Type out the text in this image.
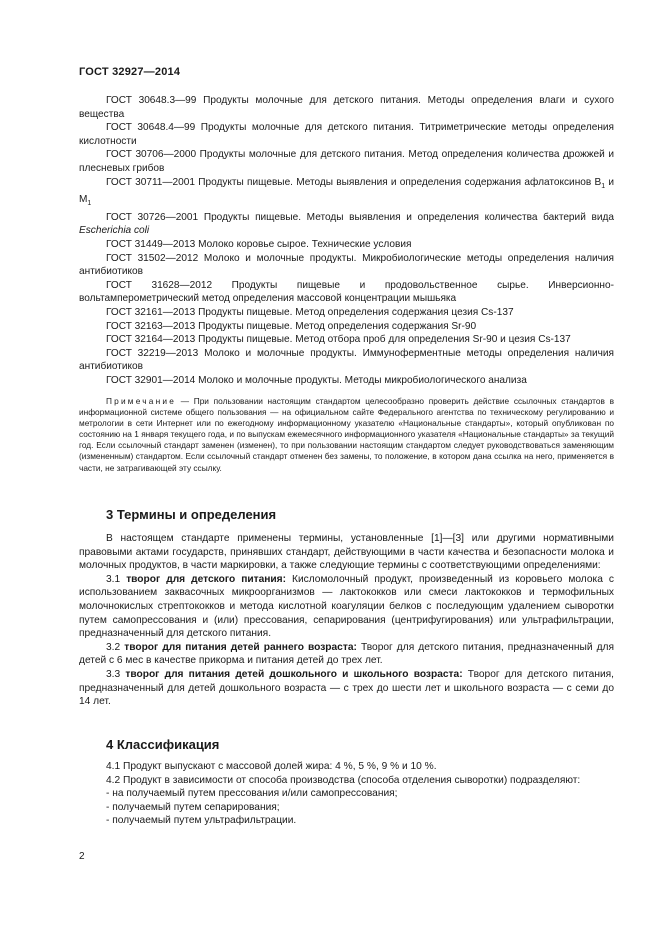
ГОСТ 32927—2014

ГОСТ 30648.3—99 Продукты молочные для детского питания. Методы определения влаги и сухого вещества

ГОСТ 30648.4—99 Продукты молочные для детского питания. Титриметрические методы определения кислотности

ГОСТ 30706—2000 Продукты молочные для детского питания. Метод определения количества дрожжей и плесневых грибов

ГОСТ 30711—2001 Продукты пищевые. Методы выявления и определения содержания афлатоксинов $B_1$ и $M_1$

ГОСТ 30726—2001 Продукты пищевые. Методы выявления и определения количества бактерий вида Escherichia coli

ГОСТ 31449—2013 Молоко коровье сырое. Технические условия

ГОСТ 31502—2012 Молоко и молочные продукты. Микробиологические методы определения наличия антибиотиков

ГОСТ 31628—2012 Продукты пищевые и продовольственное сырье. Инверсионно-вольтамперометрический метод определения массовой концентрации мышьяка

ГОСТ 32161—2013 Продукты пищевые. Метод определения содержания цезия Cs-137

ГОСТ 32163—2013 Продукты пищевые. Метод определения содержания Sr-90

ГОСТ 32164—2013 Продукты пищевые. Метод отбора проб для определения Sr-90 и цезия Cs-137

ГОСТ 32219—2013 Молоко и молочные продукты. Иммуноферментные методы определения наличия антибиотиков

ГОСТ 32901—2014 Молоко и молочные продукты. Методы микробиологического анализа

Примечание — При пользовании настоящим стандартом целесообразно проверить действие ссылочных стандартов в информационной системе общего пользования — на официальном сайте Федерального агентства по техническому регулированию и метрологии в сети Интернет или по ежегодному информационному указателю «Национальные стандарты», который опубликован по состоянию на 1 января текущего года, и по выпускам ежемесячного информационного указателя «Национальные стандарты» за текущий год. Если ссылочный стандарт заменен (изменен), то при пользовании настоящим стандартом следует руководствоваться заменяющим (измененным) стандартом. Если ссылочный стандарт отменен без замены, то положение, в котором дана ссылка на него, применяется в части, не затрагивающей эту ссылку.

3 Термины и определения

В настоящем стандарте применены термины, установленные [1]—[3] или другими нормативными правовыми актами государств, принявших стандарт, действующими в части качества и безопасности молока и молочных продуктов, в части маркировки, а также следующие термины с соответствующими определениями:

3.1 творог для детского питания: Кисломолочный продукт, произведенный из коровьего молока с использованием заквасочных микроорганизмов — лактококков или смеси лактококков и термофильных молочнокислых стрептококков и метода кислотной коагуляции белков с последующим удалением сыворотки путем самопрессования и (или) прессования, сепарирования (центрифугирования) или ультрафильтрации, предназначенный для детского питания.

3.2 творог для питания детей раннего возраста: Творог для детского питания, предназначенный для детей с 6 мес в качестве прикорма и питания детей до трех лет.

3.3 творог для питания детей дошкольного и школьного возраста: Творог для детского питания, предназначенный для детей дошкольного возраста — с трех до шести лет и школьного возраста — с семи до 14 лет.

4 Классификация

4.1 Продукт выпускают с массовой долей жира: 4 %, 5 %, 9 % и 10 %.

4.2 Продукт в зависимости от способа производства (способа отделения сыворотки) подразделяют:

- на получаемый путем прессования и/или самопрессования;
- получаемый путем сепарирования;
- получаемый путем ультрафильтрации.
2
